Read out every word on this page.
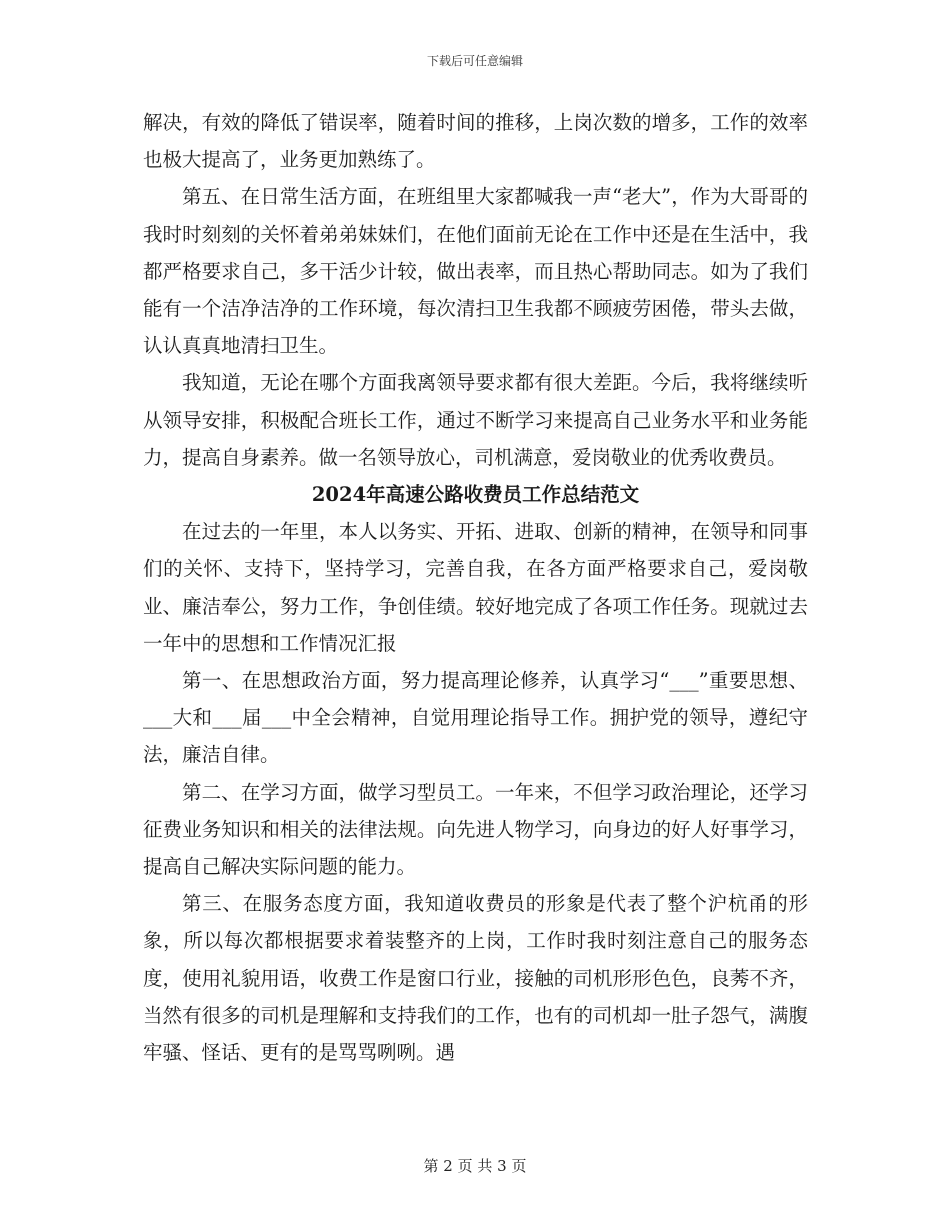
下载后可任意编辑

解决，有效的降低了错误率，随着时间的推移，上岗次数的增多，工作的效率也极大提高了，业务更加熟练了。

第五、在日常生活方面，在班组里大家都喊我一声“老大”，作为大哥哥的我时时刻刻的关怀着弟弟妹妹们，在他们面前无论在工作中还是在生活中，我都严格要求自己，多干活少计较，做出表率，而且热心帮助同志。如为了我们能有一个洁净洁净的工作环境，每次清扫卫生我都不顾疲劳困倦，带头去做，认认真真地清扫卫生。

我知道，无论在哪个方面我离领导要求都有很大差距。今后，我将继续听从领导安排，积极配合班长工作，通过不断学习来提高自己业务水平和业务能力，提高自身素养。做一名领导放心，司机满意，爱岗敬业的优秀收费员。

2024年高速公路收费员工作总结范文

在过去的一年里，本人以务实、开拓、进取、创新的精神，在领导和同事们的关怀、支持下，坚持学习，完善自我，在各方面严格要求自己，爱岗敬业、廉洁奉公，努力工作，争创佳绩。较好地完成了各项工作任务。现就过去一年中的思想和工作情况汇报

第一、在思想政治方面，努力提高理论修养，认真学习“___”重要思想、___大和___届___中全会精神，自觉用理论指导工作。拥护党的领导，遵纪守法，廉洁自律。

第二、在学习方面，做学习型员工。一年来，不但学习政治理论，还学习征费业务知识和相关的法律法规。向先进人物学习，向身边的好人好事学习，提高自己解决实际问题的能力。

第三、在服务态度方面，我知道收费员的形象是代表了整个沪杭甬的形象，所以每次都根据要求着装整齐的上岗，工作时我时刻注意自己的服务态度，使用礼貌用语，收费工作是窗口行业，接触的司机形形色色，良莠不齐，当然有很多的司机是理解和支持我们的工作，也有的司机却一肚子怨气，满腹牢骚、怪话、更有的是骂骂咧咧。遇

第 2 页 共 3 页
